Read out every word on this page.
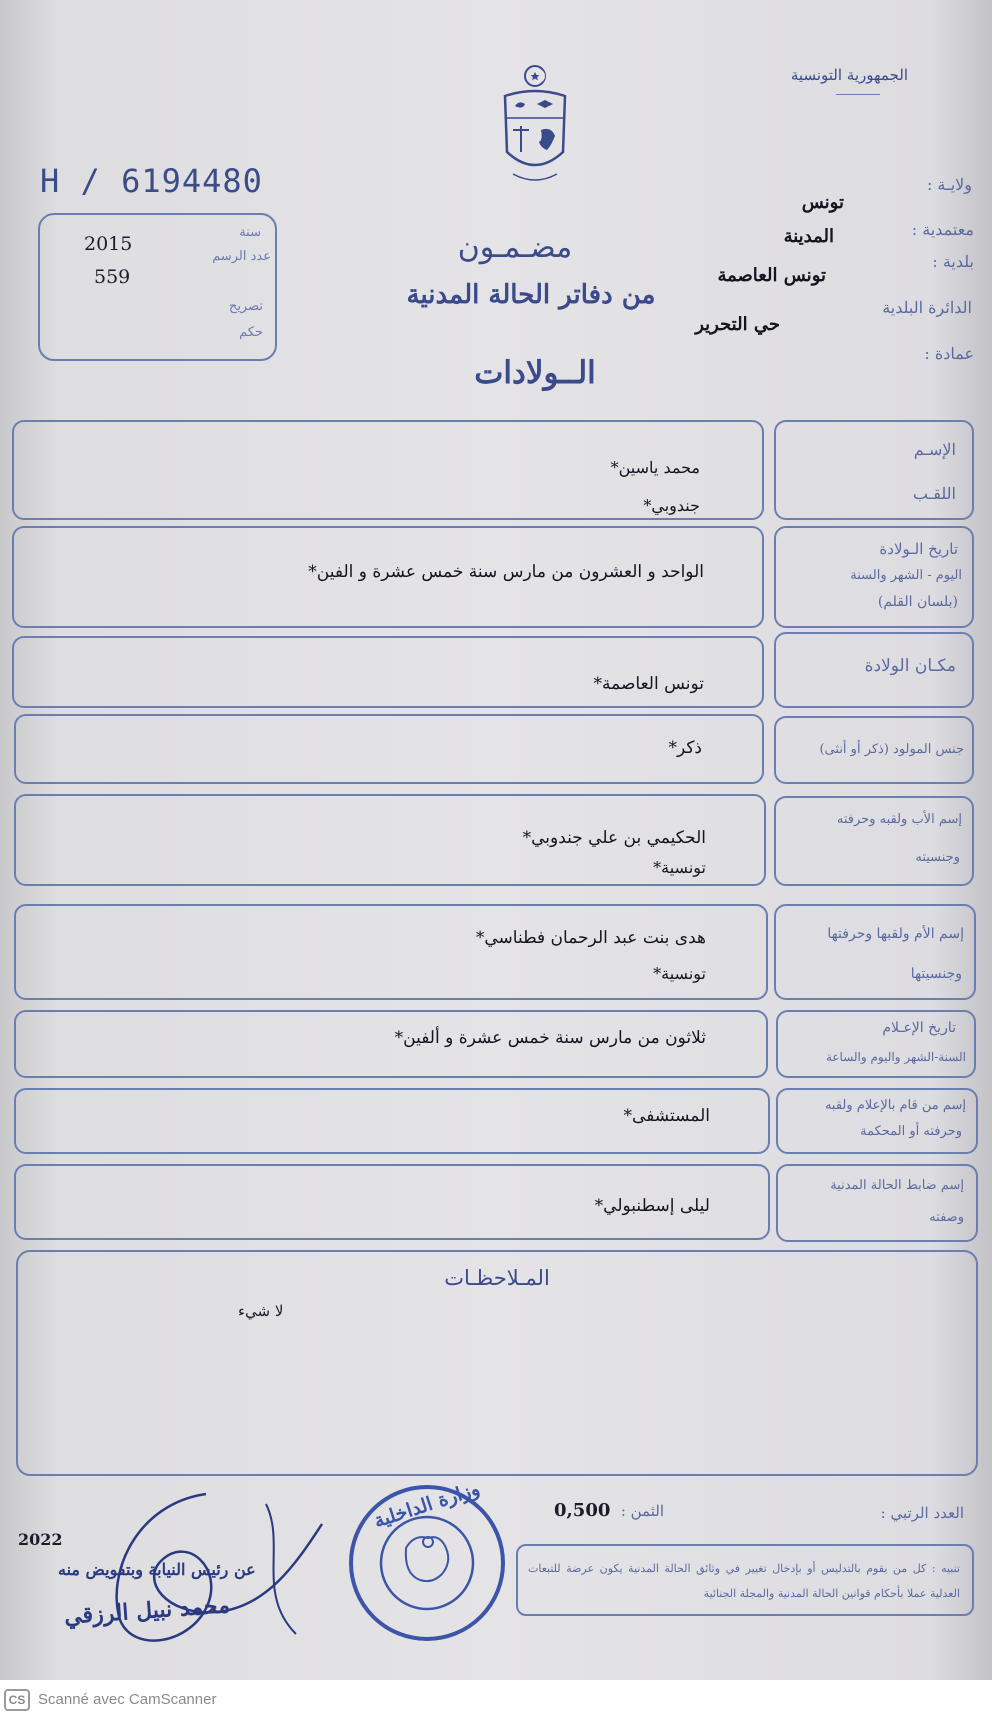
الجمهورية التونسية
H / 6194480
سنة
2015
عدد الرسم
559
تصريح
حكم
مضـمـون
من دفاتر الحالة المدنية
الــولادات
ولايـة :
معتمدية :
بلدية :
الدائرة البلدية
عمادة :
تونس
المدينة
تونس العاصمة
حي التحرير
محمد ياسين*
جندوبي*
الإسـم
اللقـب
الواحد و العشرون من مارس سنة خمس عشرة و الفين*
تاريخ الـولادة
اليوم - الشهر والسنة
(بلسان القلم)
تونس العاصمة*
مكـان الولادة
ذكر*	جنس المولود (ذكر أو أنثى)
الحكيمي بن علي جندوبي*
تونسية*
إسم الأب ولقبه وحرفته
وجنسيته
هدى بنت عبد الرحمان فطناسي*
تونسية*
إسم الأم ولقبها وحرفتها
وجنسيتها
ثلاثون من مارس سنة خمس عشرة و ألفين*	تاريخ الإعـلام
السنة-الشهر واليوم والساعة
المستشفى*
إسم من قام بالإعلام ولقبه
وحرفته أو المحكمة
ليلى إسطنبولي*
إسم ضابط الحالة المدنية
وصفته
المـلاحظـات
لا شيء
العدد الرتبي :
الثمن :
0,500
تنبيه : كل من يقوم بالتدليس أو بإدخال تغيير في وثائق الحالة المدنية يكون عرضة للتبعات العدلية عملا بأحكام قوانين الحالة المدنية والمجلة الجنائية
وزارة الداخلية
2022
عن رئيس النيابة وبتفويض منه
محمد نبيل الرزقي
CS Scanné avec CamScanner
